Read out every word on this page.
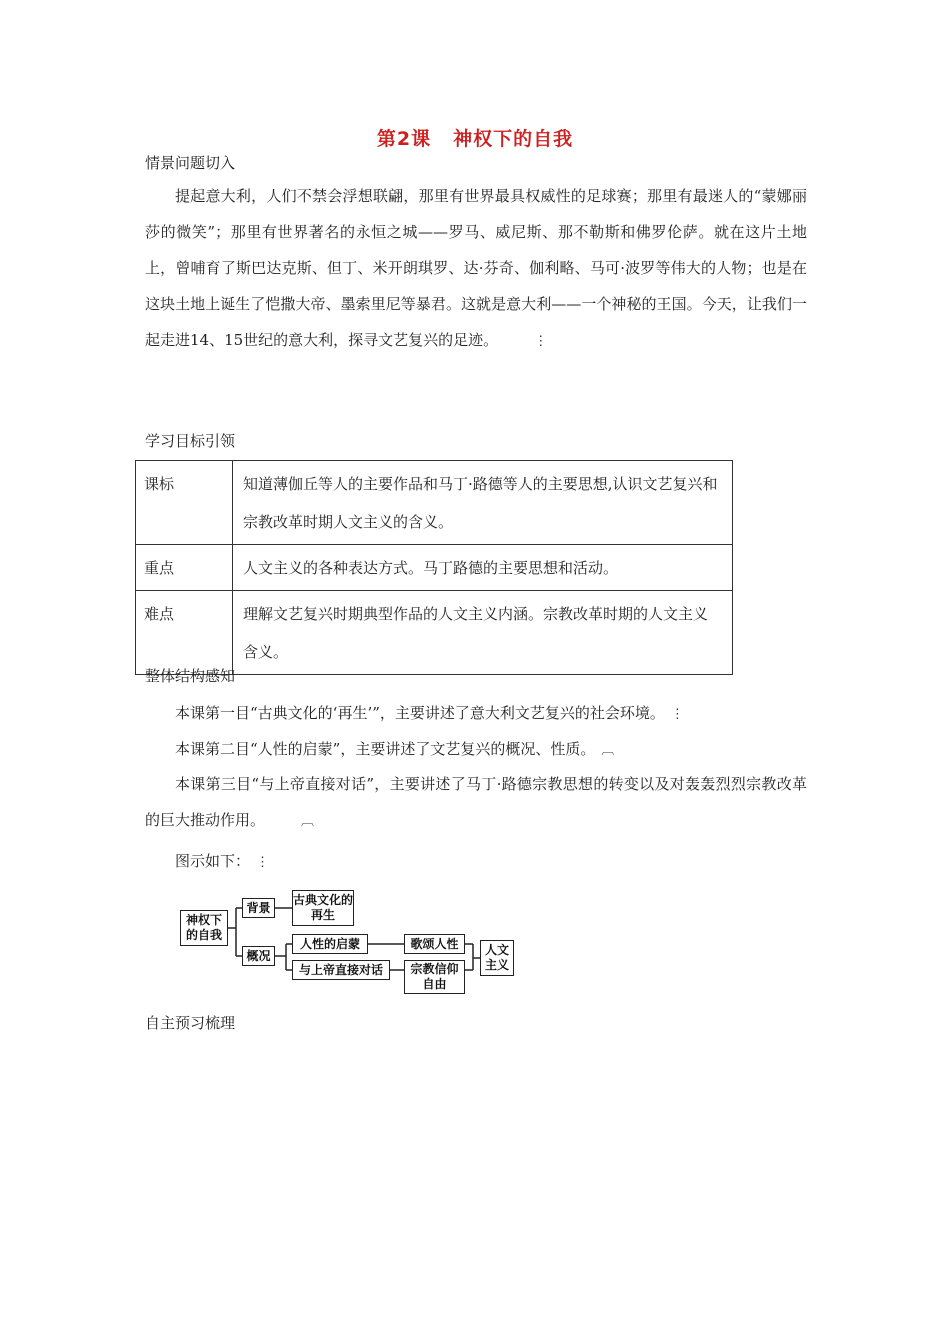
第2课 神权下的自我
情景问题切入

提起意大利，人们不禁会浮想联翩，那里有世界最具权威性的足球赛；那里有最迷人的“蒙娜丽莎的微笑”；那里有世界著名的永恒之城——罗马、威尼斯、那不勒斯和佛罗伦萨。就在这片土地上，曾哺育了斯巴达克斯、但丁、米开朗琪罗、达·芬奇、伽利略、马可·波罗等伟大的人物；也是在这块土地上诞生了恺撒大帝、墨索里尼等暴君。这就是意大利——一个神秘的王国。今天，让我们一起走进14、15世纪的意大利，探寻文艺复兴的足迹。	⋮

学习目标引领
课标	知道薄伽丘等人的主要作品和马丁·路德等人的主要思想,认识文艺复兴和宗教改革时期人文主义的含义。
重点	人文主义的各种表达方式。马丁路德的主要思想和活动。
难点	理解文艺复兴时期典型作品的人文主义内涵。宗教改革时期的人文主义含义。
整体结构感知
本课第一目“古典文化的‘再生’”，主要讲述了意大利文艺复兴的社会环境。 ⋮
本课第二目“人性的启蒙”，主要讲述了文艺复兴的概况、性质。 ︹

本课第三目“与上帝直接对话”，主要讲述了马丁·路德宗教思想的转变以及对轰轰烈烈宗教改革的巨大推动作用。	︹

图示如下： ⋮
神权下的自我
背景
古典文化的再生
概况
人性的启蒙
与上帝直接对话
歌颂人性
宗教信仰自由
人文主义
自主预习梳理
